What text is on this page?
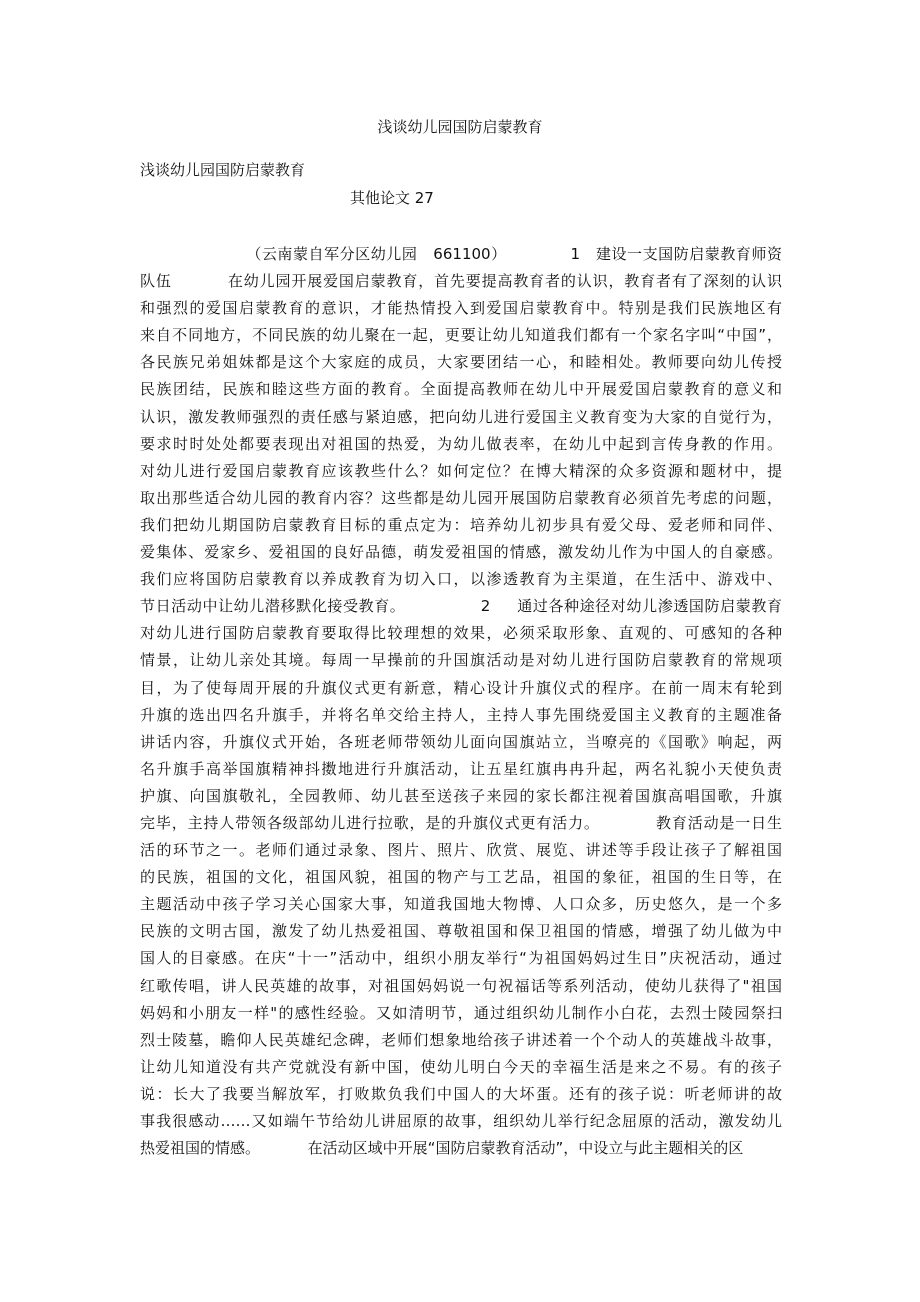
浅谈幼儿园国防启蒙教育
浅谈幼儿园国防启蒙教育
其他论文 27
（云南蒙自军分区幼儿园   661100）            1   建设一支国防启蒙教育师资
队伍          在幼儿园开展爱国启蒙教育，首先要提高教育者的认识，教育者有了深刻的认识
和强烈的爱国启蒙教育的意识，才能热情投入到爱国启蒙教育中。特别是我们民族地区有
来自不同地方，不同民族的幼儿聚在一起，更要让幼儿知道我们都有一个家名字叫“中国”，
各民族兄弟姐妹都是这个大家庭的成员，大家要团结一心，和睦相处。教师要向幼儿传授
民族团结，民族和睦这些方面的教育。全面提高教师在幼儿中开展爱国启蒙教育的意义和
认识，激发教师强烈的责任感与紧迫感，把向幼儿进行爱国主义教育变为大家的自觉行为，
要求时时处处都要表现出对祖国的热爱，为幼儿做表率，在幼儿中起到言传身教的作用。
对幼儿进行爱国启蒙教育应该教些什么？如何定位？在博大精深的众多资源和题材中，提
取出那些适合幼儿园的教育内容？这些都是幼儿园开展国防启蒙教育必须首先考虑的问题，
我们把幼儿期国防启蒙教育目标的重点定为：培养幼儿初步具有爱父母、爱老师和同伴、
爱集体、爱家乡、爱祖国的良好品德，萌发爱祖国的情感，激发幼儿作为中国人的自豪感。
我们应将国防启蒙教育以养成教育为切入口，以渗透教育为主渠道，在生活中、游戏中、
节日活动中让幼儿潜移默化接受教育。              2     通过各种途径对幼儿渗透国防启蒙教育
对幼儿进行国防启蒙教育要取得比较理想的效果，必须采取形象、直观的、可感知的各种
情景，让幼儿亲处其境。每周一早操前的升国旗活动是对幼儿进行国防启蒙教育的常规项
目，为了使每周开展的升旗仪式更有新意，精心设计升旗仪式的程序。在前一周末有轮到
升旗的选出四名升旗手，并将名单交给主持人，主持人事先围绕爱国主义教育的主题准备
讲话内容，升旗仪式开始，各班老师带领幼儿面向国旗站立，当嘹亮的《国歌》响起，两
名升旗手高举国旗精神抖擞地进行升旗活动，让五星红旗冉冉升起，两名礼貌小天使负责
护旗、向国旗敬礼，全园教师、幼儿甚至送孩子来园的家长都注视着国旗高唱国歌，升旗
完毕，主持人带领各级部幼儿进行拉歌，是的升旗仪式更有活力。          教育活动是一日生
活的环节之一。老师们通过录象、图片、照片、欣赏、展览、讲述等手段让孩子了解祖国
的民族，祖国的文化，祖国风貌，祖国的物产与工艺品，祖国的象征，祖国的生日等，在
主题活动中孩子学习关心国家大事，知道我国地大物博、人口众多，历史悠久，是一个多
民族的文明古国，激发了幼儿热爱祖国、尊敬祖国和保卫祖国的情感，增强了幼儿做为中
国人的目豪感。在庆“十一”活动中，组织小朋友举行“为祖国妈妈过生日”庆祝活动，通过
红歌传唱，讲人民英雄的故事，对祖国妈妈说一句祝福话等系列活动，使幼儿获得了"祖国
妈妈和小朋友一样"的感性经验。又如清明节，通过组织幼儿制作小白花，去烈士陵园祭扫
烈士陵墓，瞻仰人民英雄纪念碑，老师们想象地给孩子讲述着一个个动人的英雄战斗故事，
让幼儿知道没有共产党就没有新中国，使幼儿明白今天的幸福生活是来之不易。有的孩子
说：长大了我要当解放军，打败欺负我们中国人的大坏蛋。还有的孩子说：听老师讲的故
事我很感动……又如端午节给幼儿讲屈原的故事，组织幼儿举行纪念屈原的活动，激发幼儿
热爱祖国的情感。          在活动区域中开展“国防启蒙教育活动”，中设立与此主题相关的区
